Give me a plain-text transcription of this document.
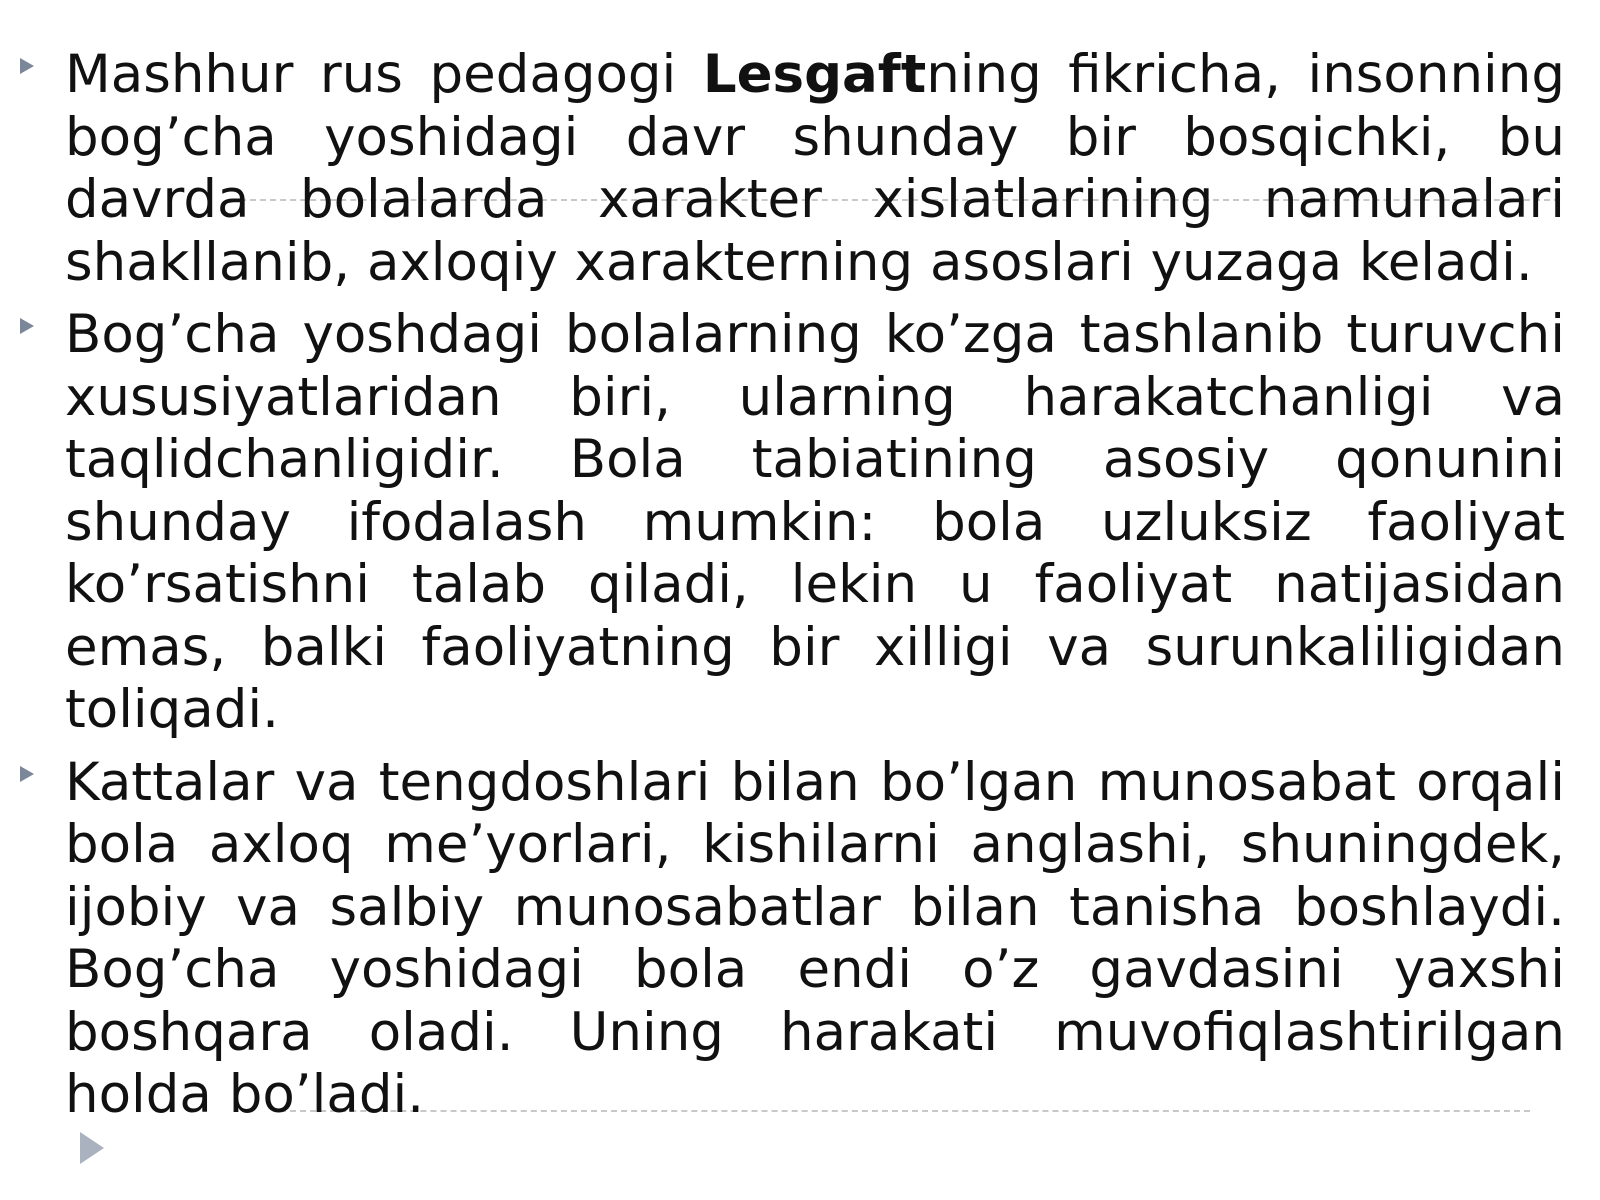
Mashhur rus pedagogi Lesgaftning fikricha, insonning bog’cha yoshidagi davr shunday bir bosqichki, bu davrda bolalarda xarakter xislatlarining namunalari shakllanib, axloqiy xarakterning asoslari yuzaga keladi.

Bog’cha yoshdagi bolalarning ko’zga tashlanib turuvchi xususiyatlaridan biri, ularning harakatchanligi va taqlidchanligidir. Bola tabiatining asosiy qonunini shunday ifodalash mumkin: bola uzluksiz faoliyat ko’rsatishni talab qiladi, lekin u faoliyat natijasidan emas, balki faoliyatning bir xilligi va surunkaliligidan toliqadi.

Kattalar va tengdoshlari bilan bo’lgan munosabat orqali bola axloq me’yorlari, kishilarni anglashi, shuningdek, ijobiy va salbiy munosabatlar bilan tanisha boshlaydi. Bog’cha yoshidagi bola endi o’z gavdasini yaxshi boshqara oladi. Uning harakati muvofiqlashtirilgan holda bo’ladi.
